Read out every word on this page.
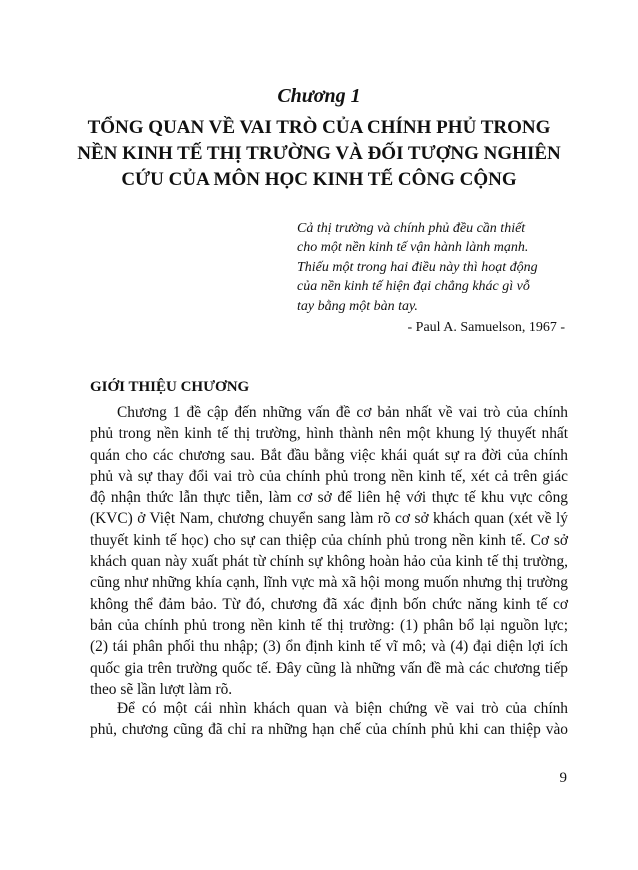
Chương 1
TỔNG QUAN VỀ VAI TRÒ CỦA CHÍNH PHỦ TRONG
NỀN KINH TẾ THỊ TRƯỜNG VÀ ĐỐI TƯỢNG NGHIÊN
CỨU CỦA MÔN HỌC KINH TẾ CÔNG CỘNG
Cả thị trường và chính phủ đều cần thiết
cho một nền kinh tế vận hành lành mạnh.
Thiếu một trong hai điều này thì hoạt động
của nền kinh tế hiện đại chẳng khác gì vỗ
tay bằng một bàn tay.
- Paul A. Samuelson, 1967 -
GIỚI THIỆU CHƯƠNG
Chương 1 đề cập đến những vấn đề cơ bản nhất về vai trò của chính
phủ trong nền kinh tế thị trường, hình thành nên một khung lý thuyết nhất
quán cho các chương sau. Bắt đầu bằng việc khái quát sự ra đời của chính
phủ và sự thay đổi vai trò của chính phủ trong nền kinh tế, xét cả trên giác
độ nhận thức lẫn thực tiễn, làm cơ sở để liên hệ với thực tế khu vực công
(KVC) ở Việt Nam, chương chuyển sang làm rõ cơ sở khách quan (xét về lý
thuyết kinh tế học) cho sự can thiệp của chính phủ trong nền kinh tế. Cơ sở
khách quan này xuất phát từ chính sự không hoàn hảo của kinh tế thị trường,
cũng như những khía cạnh, lĩnh vực mà xã hội mong muốn nhưng thị trường
không thể đảm bảo. Từ đó, chương đã xác định bốn chức năng kinh tế cơ
bản của chính phủ trong nền kinh tế thị trường: (1) phân bổ lại nguồn lực;
(2) tái phân phối thu nhập; (3) ổn định kinh tế vĩ mô; và (4) đại diện lợi ích
quốc gia trên trường quốc tế. Đây cũng là những vấn đề mà các chương tiếp
theo sẽ lần lượt làm rõ.
Để có một cái nhìn khách quan và biện chứng về vai trò của chính
phủ, chương cũng đã chỉ ra những hạn chế của chính phủ khi can thiệp vào
9
